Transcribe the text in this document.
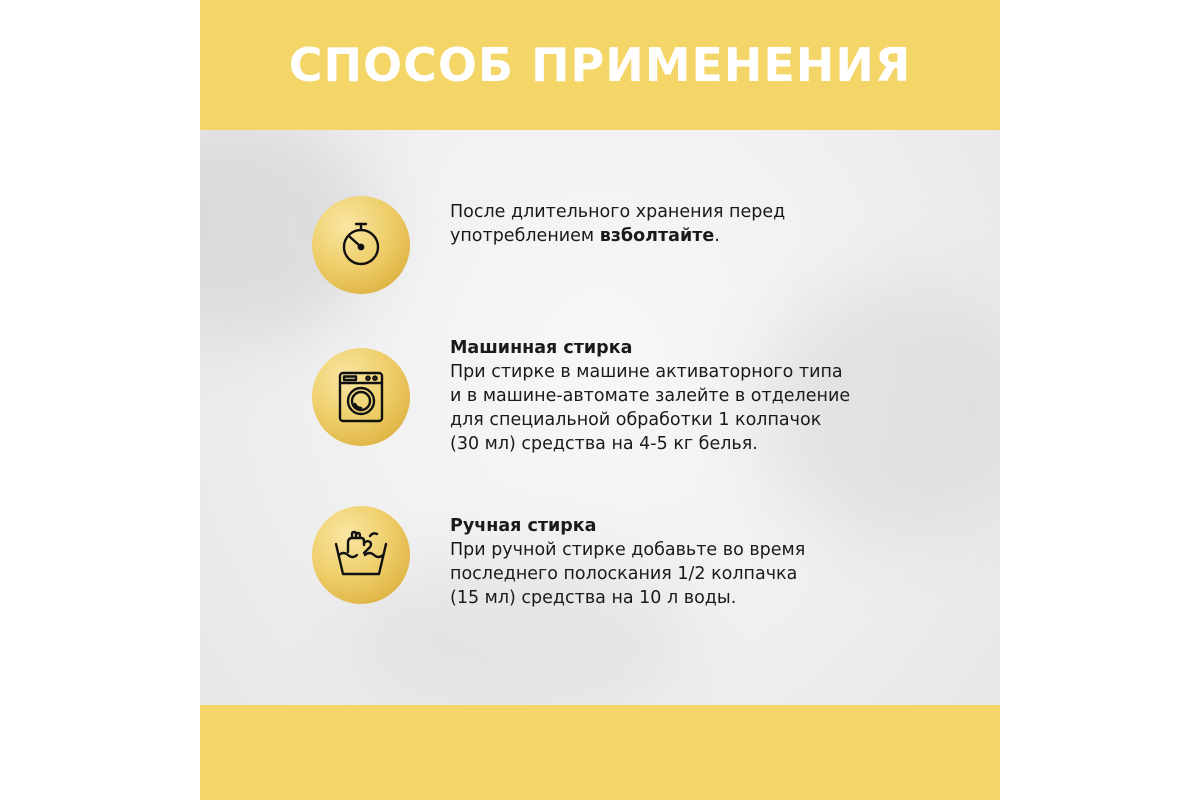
СПОСОБ ПРИМЕНЕНИЯ
После длительного хранения перед
употреблением взболтайте.
Машинная стирка
При стирке в машине активаторного типа
и в машине-автомате залейте в отделение
для специальной обработки 1 колпачок
(30 мл) средства на 4-5 кг белья.
Ручная стирка
При ручной стирке добавьте во время
последнего полоскания 1/2 колпачка
(15 мл) средства на 10 л воды.
